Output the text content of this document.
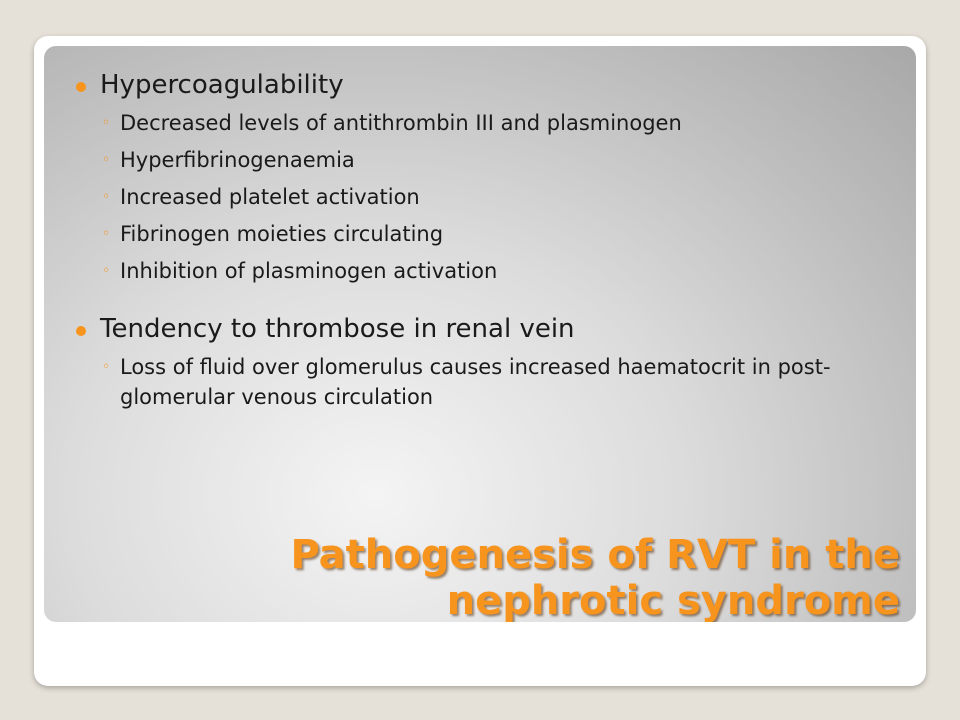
Hypercoagulability
◦ Decreased levels of antithrombin III and plasminogen
◦ Hyperfibrinogenaemia
◦ Increased platelet activation
◦ Fibrinogen moieties circulating
◦ Inhibition of plasminogen activation
Tendency to thrombose in renal vein
◦ Loss of fluid over glomerulus causes increased haematocrit in post-glomerular venous circulation
Pathogenesis of RVT in the nephrotic syndrome
